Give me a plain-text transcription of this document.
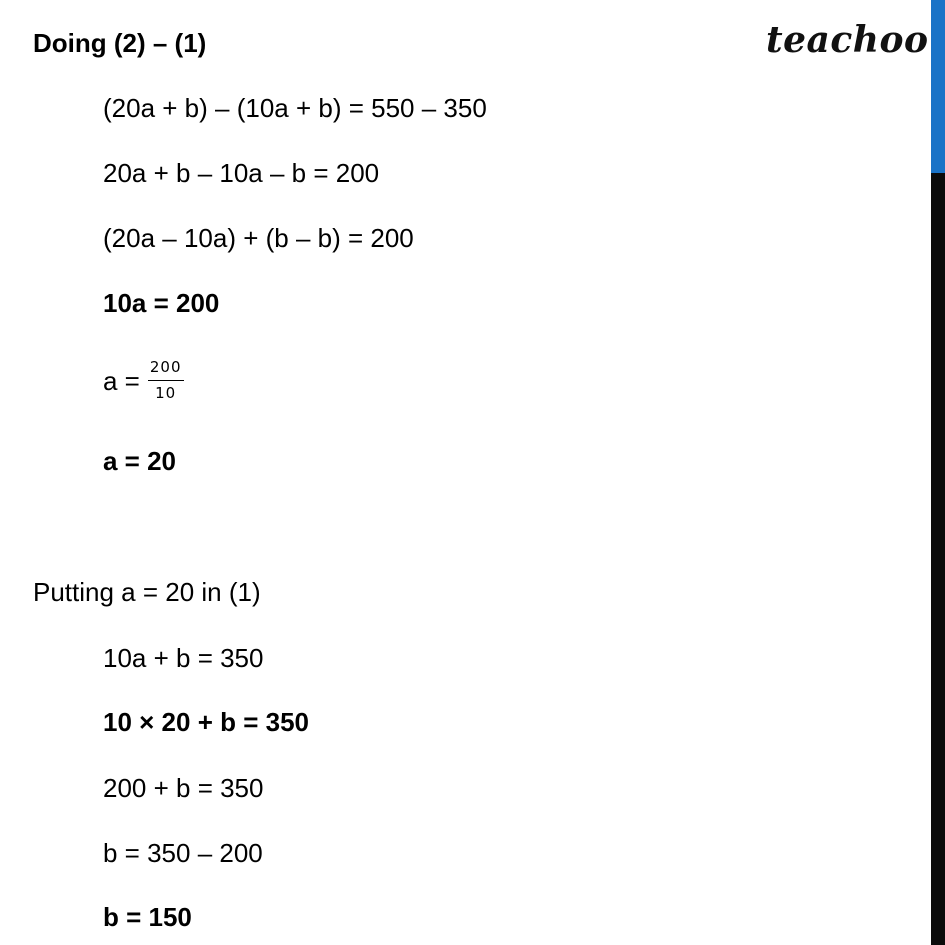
teachoo
Doing (2) – (1)
(20a + b) – (10a + b) = 550 – 350
20a + b – 10a – b = 200
(20a – 10a) + (b – b) = 200
10a = 200
$a = \frac{200}{10}$
a = 20
Putting a = 20 in (1)
10a + b = 350
10 × 20 + b = 350
200 + b = 350
b = 350 – 200
b = 150
